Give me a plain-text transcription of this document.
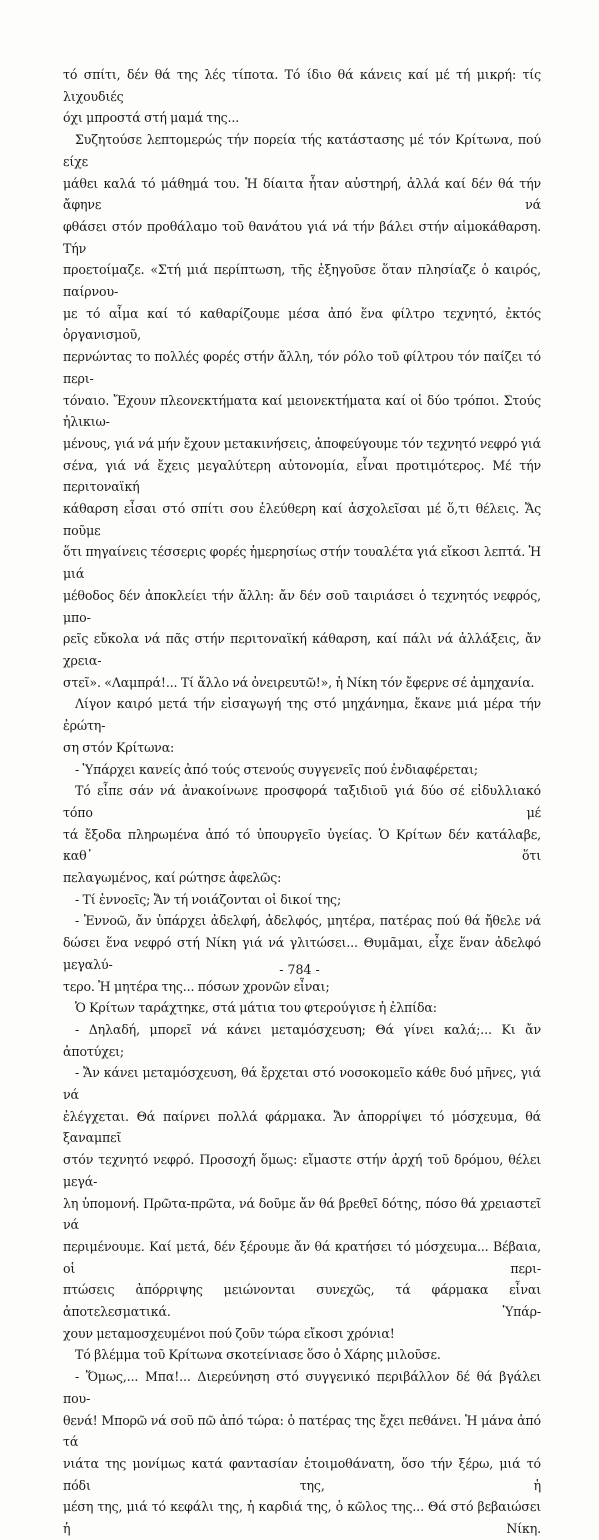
τό σπίτι, δέν θά της λές τίποτα. Τό ίδιο θά κάνεις καί μέ τή μικρή: τίς λιχουδιές

όχι μπροστά στή μαμά της...

Συζητούσε λεπτομερώς τήν πορεία τής κατάστασης μέ τόν Κρίτωνα, πού είχε

μάθει καλά τό μάθημά του. Ἡ δίαιτα ἦταν αὐστηρή, ἀλλά καί δέν θά τήν ἄφηνε νά

φθάσει στόν προθάλαμο τοῦ θανάτου γιά νά τήν βάλει στήν αἱμοκάθαρση. Τήν

προετοίμαζε. «Στή μιά περίπτωση, τῆς ἐξηγοῦσε ὅταν πλησίαζε ὁ καιρός, παίρνου-

με τό αἷμα καί τό καθαρίζουμε μέσα ἀπό ἕνα φίλτρο τεχνητό, ἐκτός ὀργανισμοῦ,

περνώντας το πολλές φορές στήν ἄλλη, τόν ρόλο τοῦ φίλτρου τόν παίζει τό περι-

τόναιο. Ἔχουν πλεονεκτήματα καί μειονεκτήματα καί οἱ δύο τρόποι. Στούς ἠλικιω-

μένους, γιά νά μήν ἔχουν μετακινήσεις, ἀποφεύγουμε τόν τεχνητό νεφρό γιά

σένα, γιά νά ἔχεις μεγαλύτερη αὐτονομία, εἶναι προτιμότερος. Μέ τήν περιτοναϊκή

κάθαρση εἶσαι στό σπίτι σου ἐλεύθερη καί ἀσχολεῖσαι μέ ὅ,τι θέλεις. Ἄς ποῦμε

ὅτι πηγαίνεις τέσσερις φορές ἡμερησίως στήν τουαλέτα γιά εἴκοσι λεπτά. Ἡ μιά

μέθοδος δέν ἀποκλείει τήν ἄλλη: ἄν δέν σοῦ ταιριάσει ὁ τεχνητός νεφρός, μπο-

ρεῖς εὔκολα νά πᾶς στήν περιτοναϊκή κάθαρση, καί πάλι νά ἀλλάξεις, ἄν χρεια-

στεῖ». «Λαμπρά!... Τί ἄλλο νά ὀνειρευτῶ!», ἡ Νίκη τόν ἔφερνε σέ ἀμηχανία.

Λίγον καιρό μετά τήν εἰσαγωγή της στό μηχάνημα, ἔκανε μιά μέρα τήν ἐρώτη-

ση στόν Κρίτωνα:

- Ὑπάρχει κανείς ἀπό τούς στενούς συγγενεῖς πού ἐνδιαφέρεται;

Τό εἶπε σάν νά ἀνακοίνωνε προσφορά ταξιδιοῦ γιά δύο σέ εἰδυλλιακό τόπο μέ

τά ἔξοδα πληρωμένα ἀπό τό ὑπουργεῖο ὑγείας. Ὁ Κρίτων δέν κατάλαβε, καθ᾽ ὅτι

πελαγωμένος, καί ρώτησε ἀφελῶς:

- Τί ἐννοεῖς; Ἄν τή νοιάζονται οἱ δικοί της;

- Ἐννοῶ, ἄν ὑπάρχει ἀδελφή, ἀδελφός, μητέρα, πατέρας πού θά ἤθελε νά

δώσει ἕνα νεφρό στή Νίκη γιά νά γλιτώσει... Θυμᾶμαι, εἶχε ἕναν ἀδελφό μεγαλύ-

τερο. Ἡ μητέρα της... πόσων χρονῶν εἶναι;

Ὁ Κρίτων ταράχτηκε, στά μάτια του φτερούγισε ἡ ἐλπίδα:

- Δηλαδή, μπορεῖ νά κάνει μεταμόσχευση; Θά γίνει καλά;... Κι ἄν ἀποτύχει;

- Ἄν κάνει μεταμόσχευση, θά ἔρχεται στό νοσοκομεῖο κάθε δυό μῆνες, γιά νά

ἐλέγχεται. Θά παίρνει πολλά φάρμακα. Ἄν ἀπορρίψει τό μόσχευμα, θά ξαναμπεῖ

στόν τεχνητό νεφρό. Προσοχή ὅμως: εἴμαστε στήν ἀρχή τοῦ δρόμου, θέλει μεγά-

λη ὑπομονή. Πρῶτα-πρῶτα, νά δοῦμε ἄν θά βρεθεῖ δότης, πόσο θά χρειαστεῖ νά

περιμένουμε. Καί μετά, δέν ξέρουμε ἄν θά κρατήσει τό μόσχευμα... Βέβαια, οἱ περι-

πτώσεις ἀπόρριψης μειώνονται συνεχῶς, τά φάρμακα εἶναι ἀποτελεσματικά. Ὑπάρ-

χουν μεταμοσχευμένοι πού ζοῦν τώρα εἴκοσι χρόνια!

Τό βλέμμα τοῦ Κρίτωνα σκοτείνιασε ὅσο ὁ Χάρης μιλοῦσε.

- Ὅμως,... Μπα!... Διερεύνηση στό συγγενικό περιβάλλον δέ θά βγάλει που-

θενά! Μπορῶ νά σοῦ πῶ ἀπό τώρα: ὁ πατέρας της ἔχει πεθάνει. Ἡ μάνα ἀπό τά

νιάτα της μονίμως κατά φαντασίαν ἑτοιμοθάνατη, ὅσο τήν ξέρω, μιά τό πόδι της, ἡ

μέση της, μιά τό κεφάλι της, ἡ καρδιά της, ὁ κῶλος της... Θά στό βεβαιώσει ἡ Νίκη.

- 784 -
